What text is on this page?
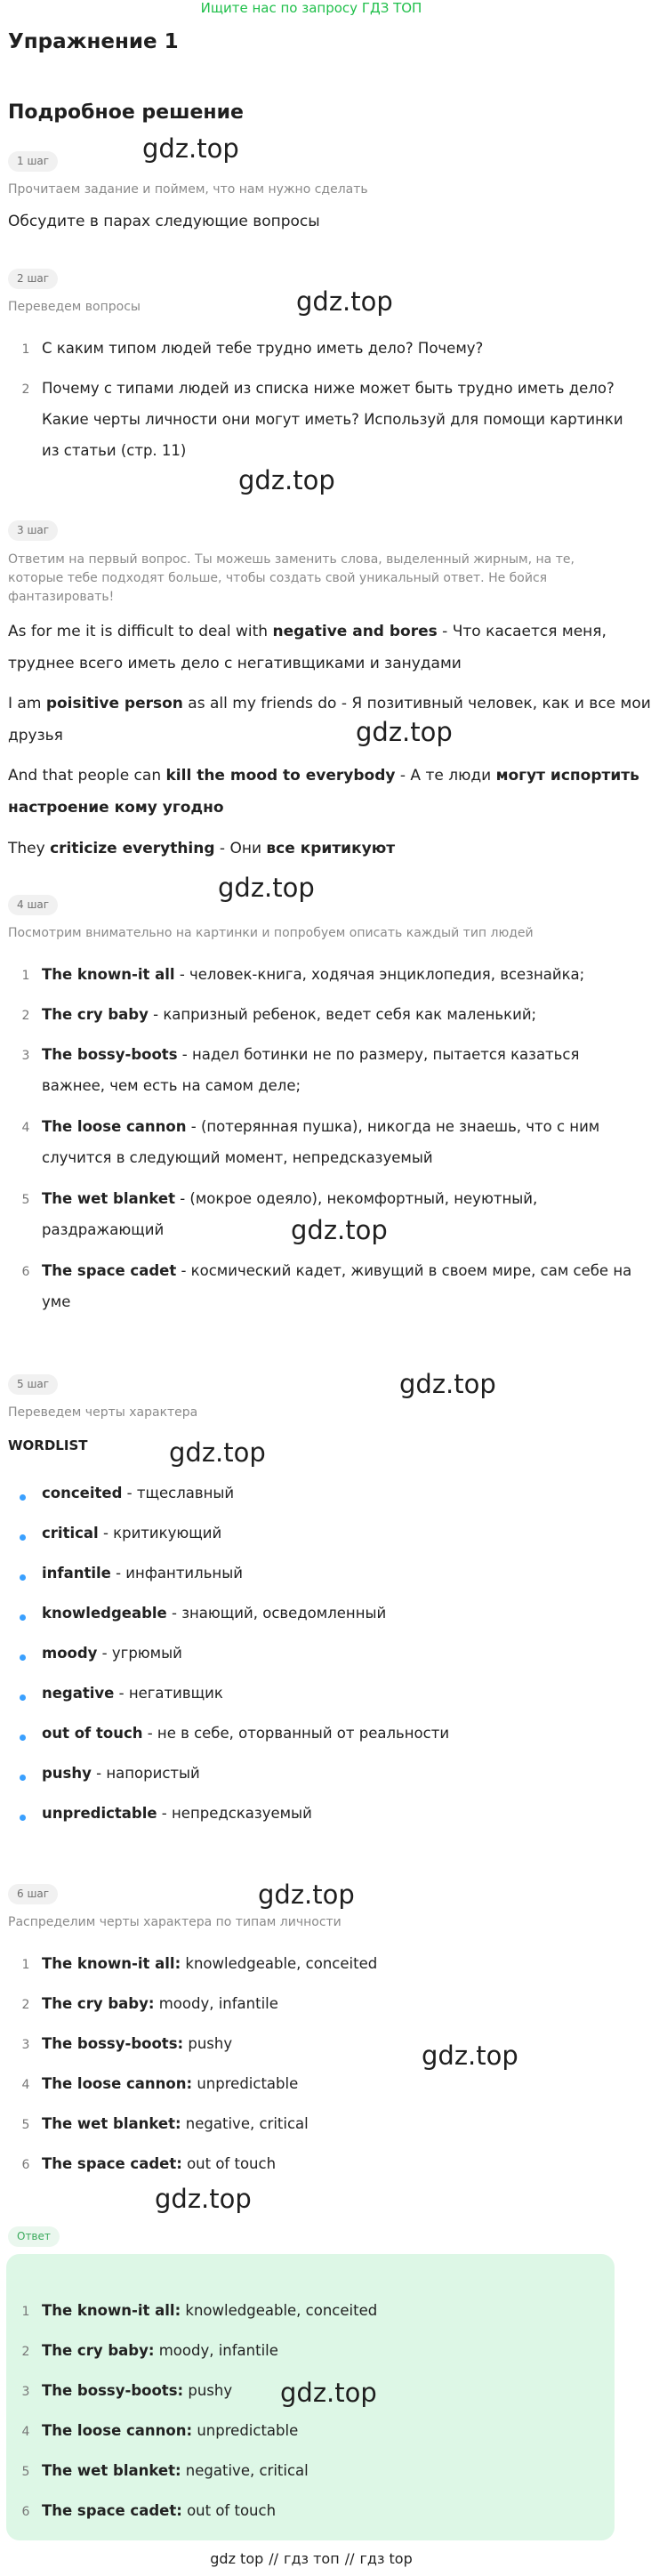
Ищите нас по запросу ГДЗ ТОП
Упражнение 1
Подробное решение
1 шаг
Прочитаем задание и поймем, что нам нужно сделать
Обсудите в парах следующие вопросы
2 шаг
Переведем вопросы
1 С каким типом людей тебе трудно иметь дело? Почему?
2 Почему с типами людей из списка ниже может быть трудно иметь дело?
Какие черты личности они могут иметь? Используй для помощи картинки
из статьи (стр. 11)
3 шаг
Ответим на первый вопрос. Ты можешь заменить слова, выделенный жирным, на те, которые тебе подходят больше, чтобы создать свой уникальный ответ. Не бойся фантазировать!
As for me it is difficult to deal with negative and bores - Что касается меня,
труднее всего иметь дело с негативщиками и занудами
I am poisitive person as all my friends do - Я позитивный человек, как и все мои
друзья
And that people can kill the mood to everybody - А те люди могут испортить
настроение кому угодно
They criticize everything - Они все критикуют
4 шаг
Посмотрим внимательно на картинки и попробуем описать каждый тип людей
1 The known-it all - человек-книга, ходячая энциклопедия, всезнайка;
2 The cry baby - капризный ребенок, ведет себя как маленький;
3 The bossy-boots - надел ботинки не по размеру, пытается казаться
важнее, чем есть на самом деле;
4 The loose cannon - (потерянная пушка), никогда не знаешь, что с ним
случится в следующий момент, непредсказуемый
5 The wet blanket - (мокрое одеяло), некомфортный, неуютный,
раздражающий
6 The space cadet - космический кадет, живущий в своем мире, сам себе на
уме
5 шаг
Переведем черты характера
WORDLIST
conceited - тщеславный
critical - критикующий
infantile - инфантильный
knowledgeable - знающий, осведомленный
moody - угрюмый
negative - негативщик
out of touch - не в себе, оторванный от реальности
pushy - напористый
unpredictable - непредсказуемый
6 шаг
Распределим черты характера по типам личности
1 The known-it all: knowledgeable, conceited
2 The cry baby: moody, infantile
3 The bossy-boots: pushy
4 The loose cannon: unpredictable
5 The wet blanket: negative, critical
6 The space cadet: out of touch
Ответ
1 The known-it all: knowledgeable, conceited
2 The cry baby: moody, infantile
3 The bossy-boots: pushy
4 The loose cannon: unpredictable
5 The wet blanket: negative, critical
6 The space cadet: out of touch
gdz.top
gdz.top
gdz.top
gdz.top
gdz.top
gdz.top
gdz.top
gdz.top
gdz.top
gdz.top
gdz.top
gdz.top
gdz top // гдз топ // гдз top
